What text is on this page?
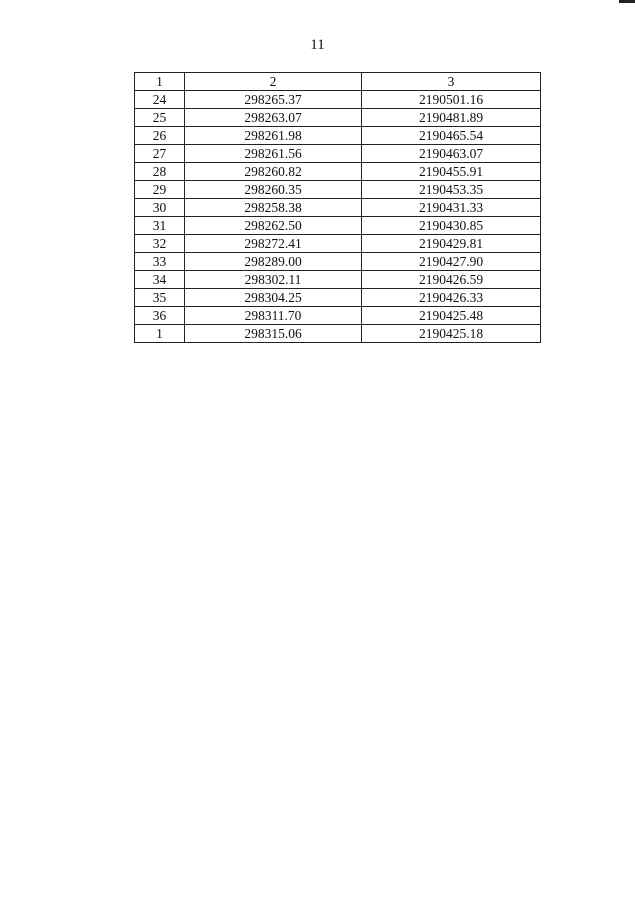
11
1	2	3
24	298265.37	2190501.16
25	298263.07	2190481.89
26	298261.98	2190465.54
27	298261.56	2190463.07
28	298260.82	2190455.91
29	298260.35	2190453.35
30	298258.38	2190431.33
31	298262.50	2190430.85
32	298272.41	2190429.81
33	298289.00	2190427.90
34	298302.11	2190426.59
35	298304.25	2190426.33
36	298311.70	2190425.48
1	298315.06	2190425.18
